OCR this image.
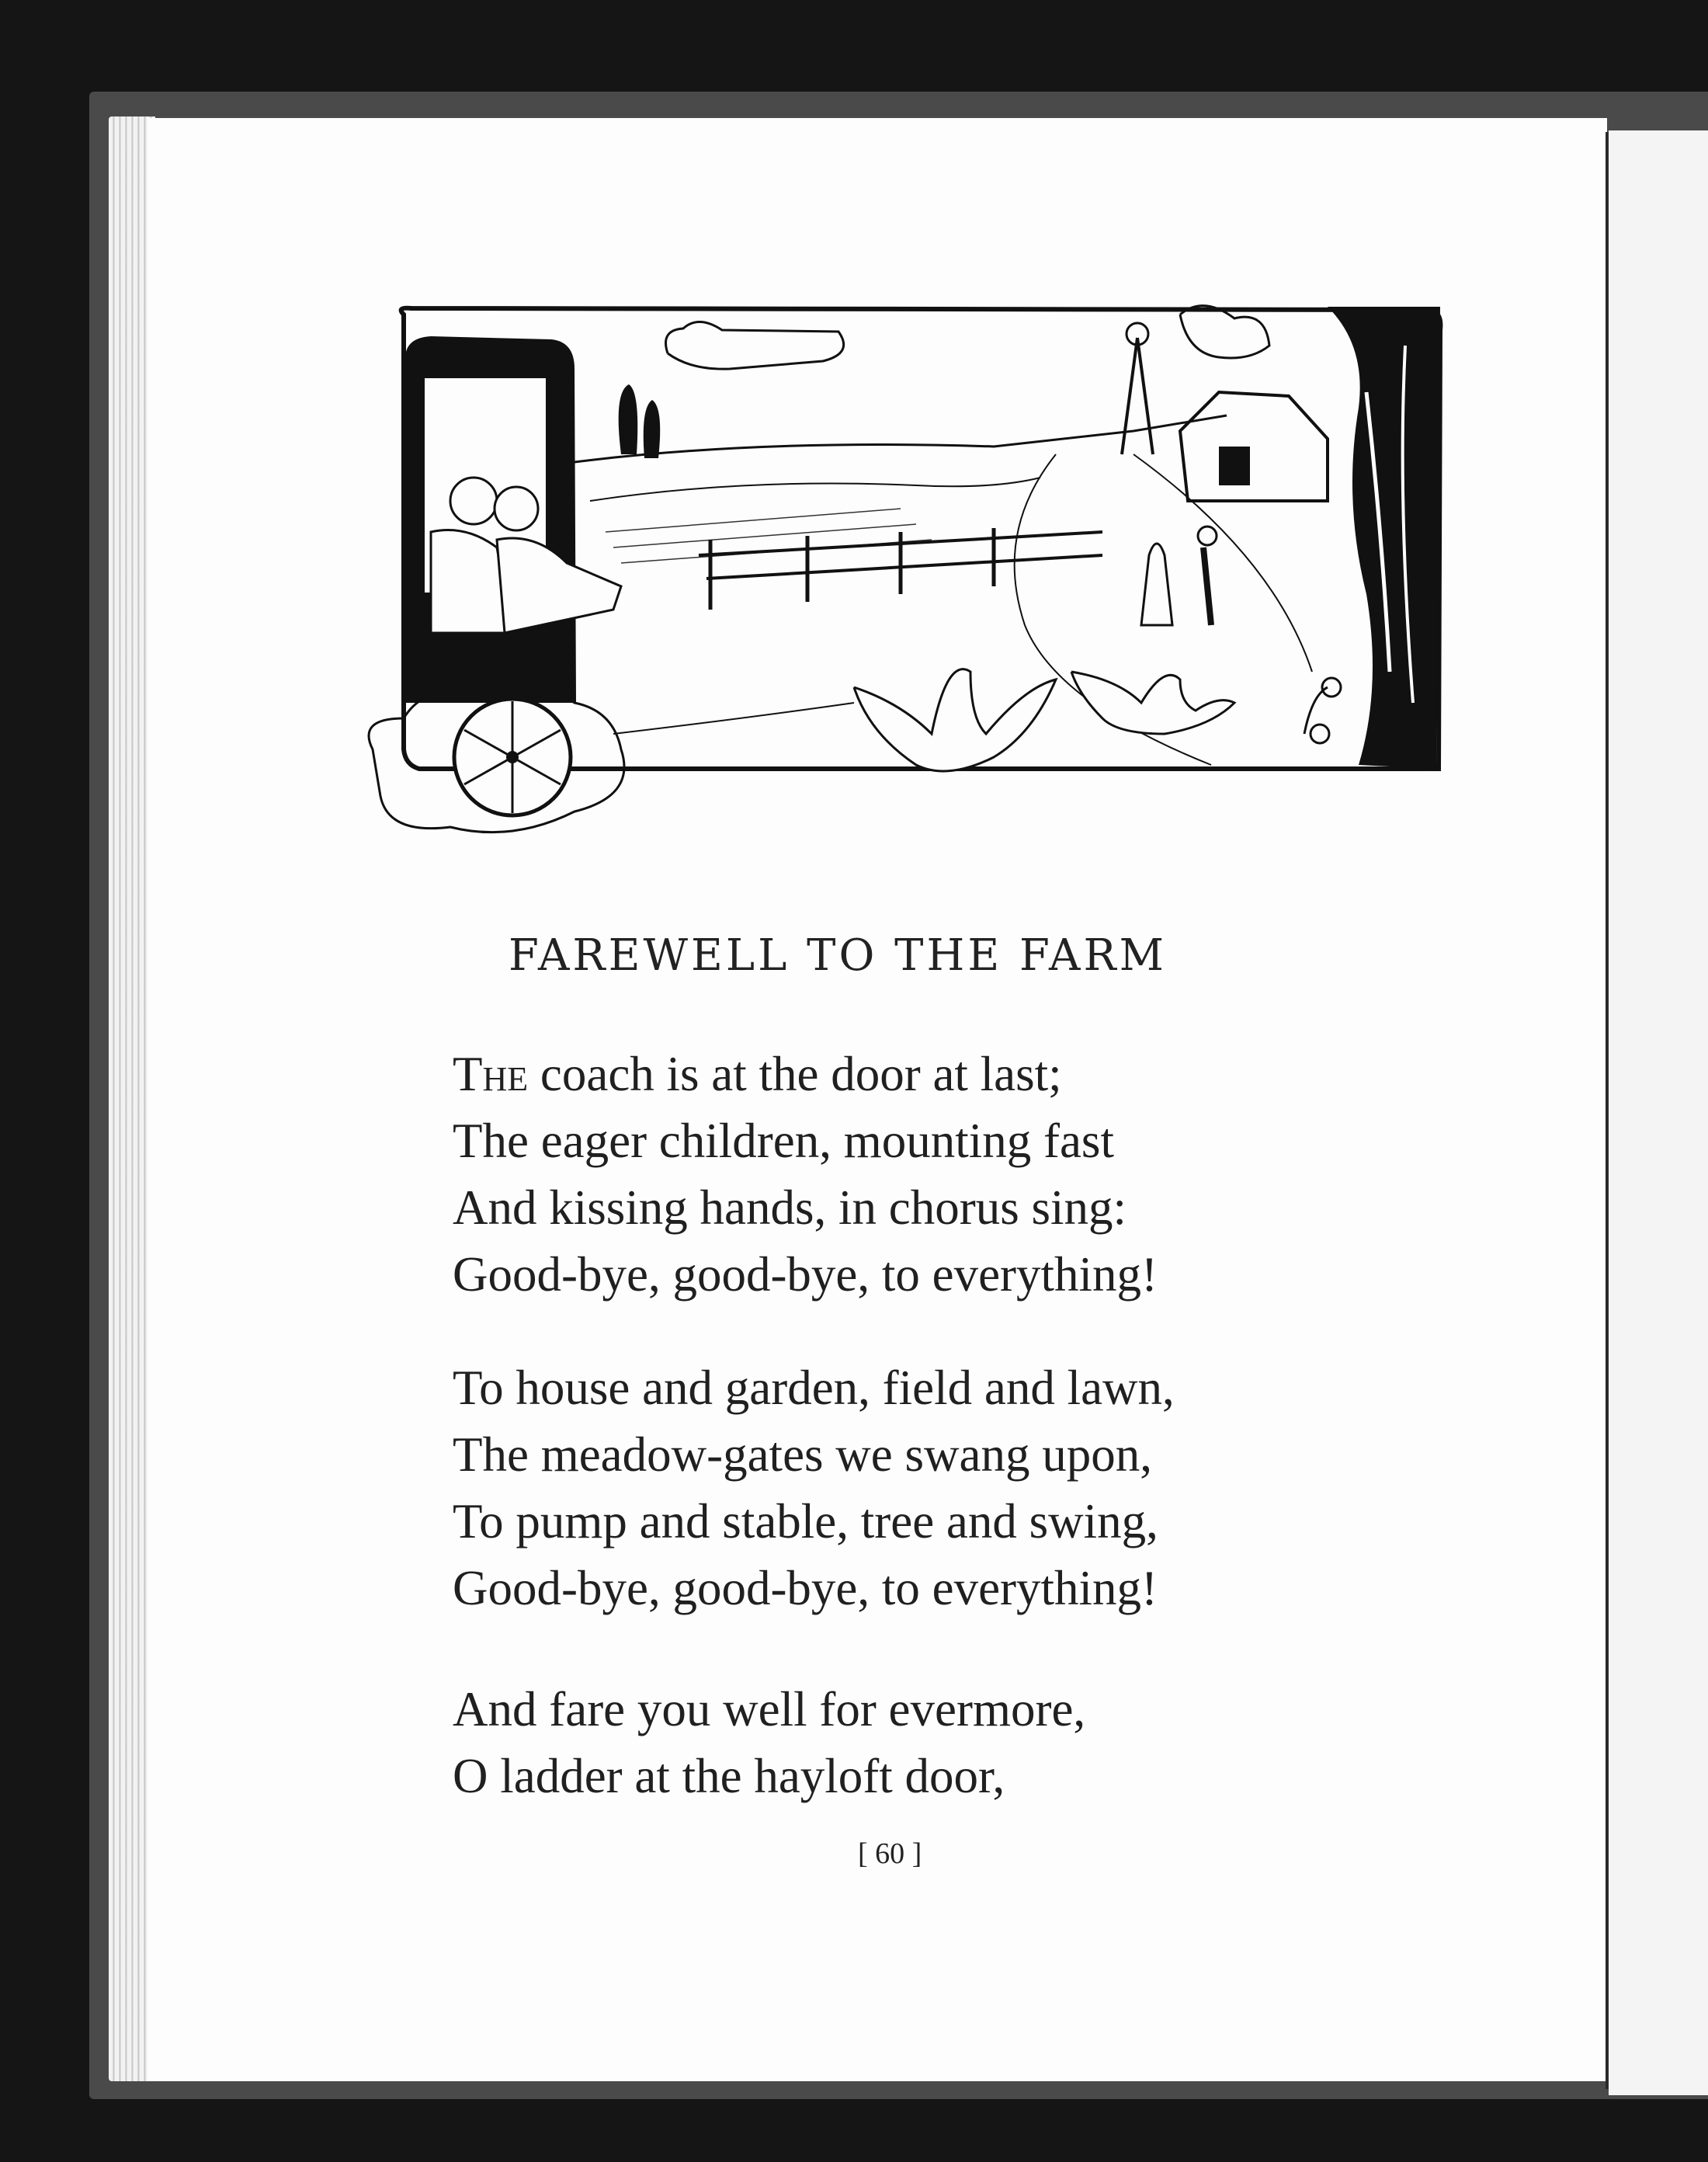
FAREWELL TO THE FARM
The coach is at the door at last;
The eager children, mounting fast
And kissing hands, in chorus sing:
Good-bye, good-bye, to everything!
To house and garden, field and lawn,
The meadow-gates we swang upon,
To pump and stable, tree and swing,
Good-bye, good-bye, to everything!
And fare you well for evermore,
O ladder at the hayloft door,
[ 60 ]
